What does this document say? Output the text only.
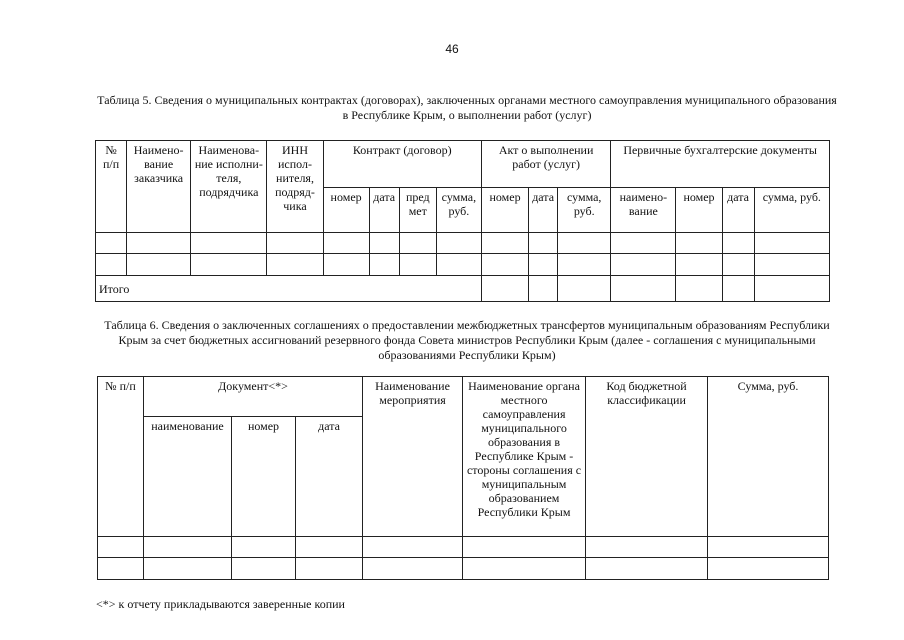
46
Таблица 5. Сведения о муниципальных контрактах (договорах), заключенных органами местного самоуправления муниципального образования в Республике Крым, о выполнении работ (услуг)
№ п/п	Наимено-вание заказчика	Наименова-ние исполни-теля, подрядчика	ИНН испол-нителя, подряд-чика	Контракт (договор)				Акт о выполнении работ (услуг)			Первичные бухгалтерские документы			
				номер	дата	пред мет	сумма, руб.	номер	дата	сумма, руб.	наимено-вание	номер	дата	сумма, руб.

Итого														
Таблица 6. Сведения о заключенных соглашениях о предоставлении межбюджетных трансфертов муниципальным образованиям Республики Крым за счет бюджетных ассигнований резервного фонда Совета министров Республики Крым (далее - соглашения с муниципальными образованиями Республики Крым)
№ п/п	Документ<*>			Наименование мероприятия	Наименование органа местного самоуправления муниципального образования в Республике Крым - стороны соглашения с муниципальным образованием Республики Крым	Код бюджетной классификации	Сумма, руб.
	наименование	номер	дата				

<*> к отчету прикладываются заверенные копии
